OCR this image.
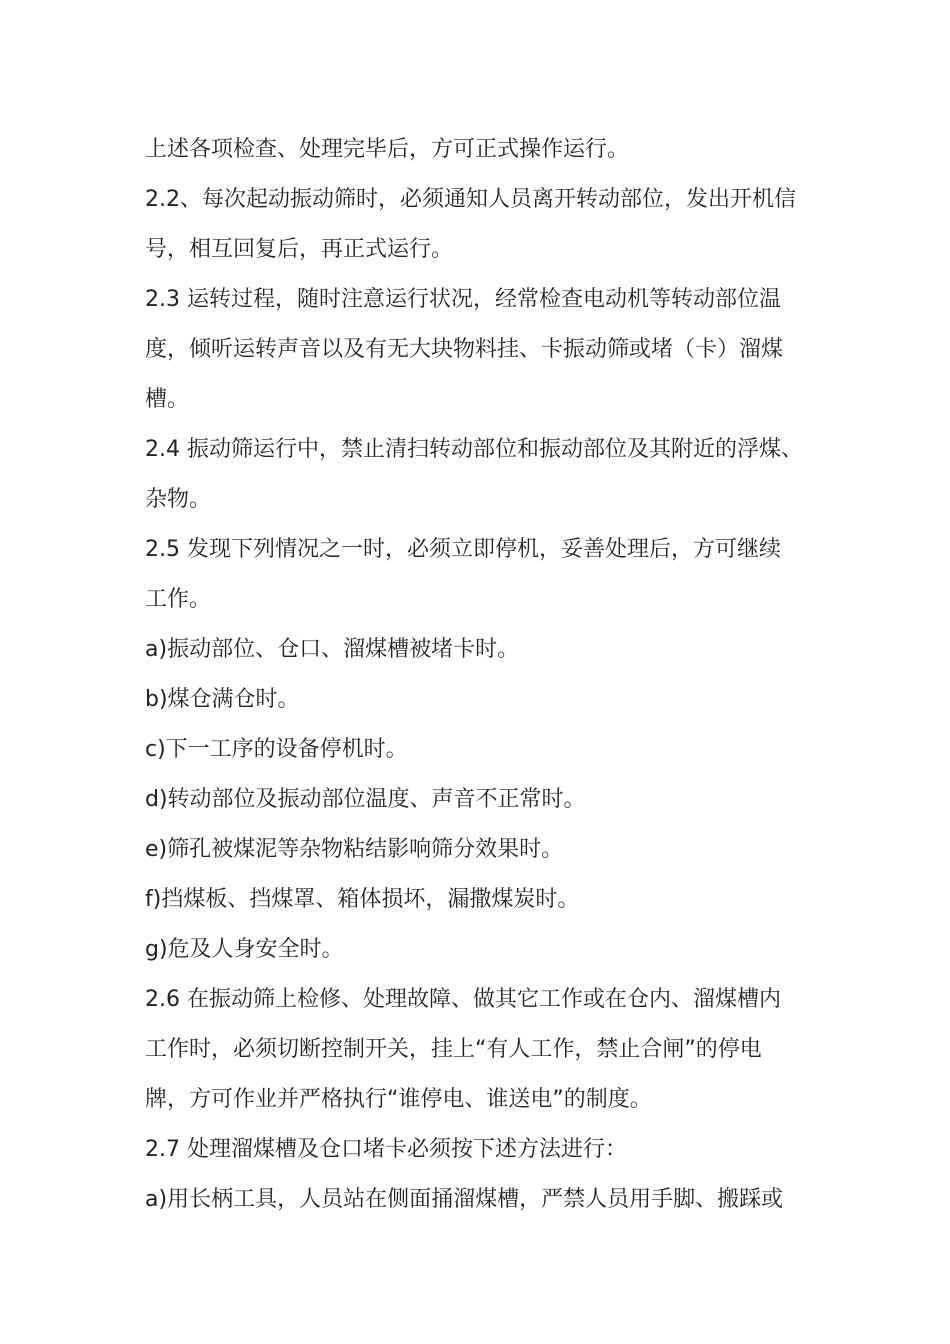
上述各项检查、处理完毕后，方可正式操作运行。
2.2、每次起动振动筛时，必须通知人员离开转动部位，发出开机信
号，相互回复后，再正式运行。
2.3 运转过程，随时注意运行状况，经常检查电动机等转动部位温
度，倾听运转声音以及有无大块物料挂、卡振动筛或堵（卡）溜煤
槽。
2.4 振动筛运行中，禁止清扫转动部位和振动部位及其附近的浮煤、
杂物。
2.5 发现下列情况之一时，必须立即停机，妥善处理后，方可继续
工作。
a)振动部位、仓口、溜煤槽被堵卡时。
b)煤仓满仓时。
c)下一工序的设备停机时。
d)转动部位及振动部位温度、声音不正常时。
e)筛孔被煤泥等杂物粘结影响筛分效果时。
f)挡煤板、挡煤罩、箱体损坏，漏撒煤炭时。
g)危及人身安全时。
2.6 在振动筛上检修、处理故障、做其它工作或在仓内、溜煤槽内
工作时，必须切断控制开关，挂上“有人工作，禁止合闸”的停电
牌，方可作业并严格执行“谁停电、谁送电”的制度。
2.7 处理溜煤槽及仓口堵卡必须按下述方法进行：
a)用长柄工具，人员站在侧面捅溜煤槽，严禁人员用手脚、搬踩或
